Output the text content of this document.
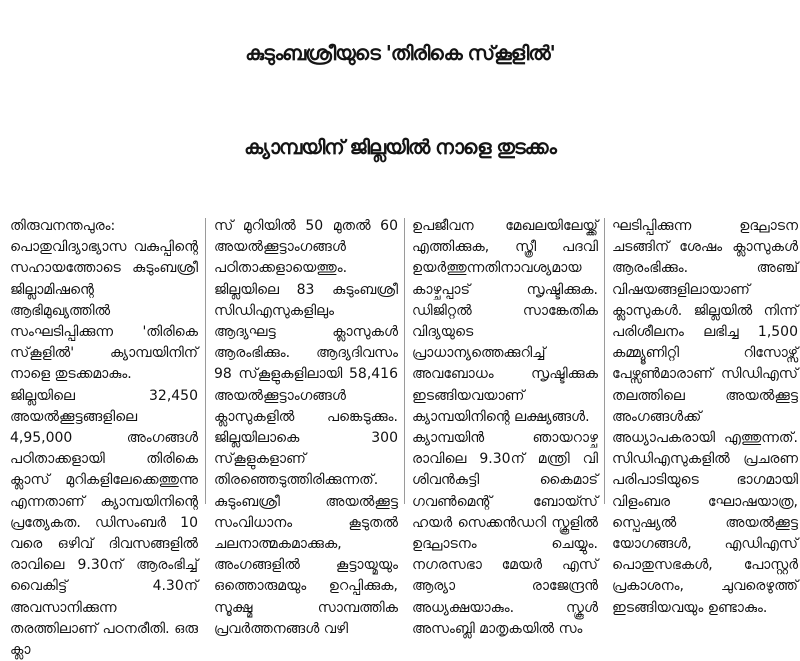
കുടുംബശ്രീയുടെ 'തിരികെ സ്‌കൂളിൽ'
ക്യാമ്പയിന് ജില്ലയിൽ നാളെ തുടക്കം

തിരുവനന്തപുരം: പൊതുവിദ്യാഭ്യാസ വകുപ്പിന്റെ സഹായത്തോടെ കുടുംബശ്രീ ജില്ലാമിഷന്റെ ആഭിമുഖ്യത്തിൽ സംഘടിപ്പിക്കുന്ന 'തിരികെ സ്‌കൂളിൽ' ക്യാമ്പയിനിന് നാളെ തുടക്കമാകും.

ജില്ലയിലെ 32,450 അയൽക്കൂട്ടങ്ങളിലെ 4,95,000 അംഗങ്ങൾ പഠിതാക്കളായി തിരികെ ക്ലാസ് മുറികളിലേക്കെത്തുന്നു എന്നതാണ് ക്യാമ്പയിനിന്റെ പ്രത്യേകത. ഡിസംബർ 10 വരെ ഒഴിവ് ദിവസങ്ങളിൽ രാവിലെ 9.30ന് ആരംഭിച്ച് വൈകിട്ട് 4.30ന് അവസാനിക്കുന്ന തരത്തിലാണ് പഠനരീതി. ഒരു ക്ലാ

സ് മുറിയിൽ 50 മുതൽ 60 അയൽക്കൂട്ടാംഗങ്ങൾ പഠിതാക്കളായെത്തും.

ജില്ലയിലെ 83 കുടുംബശ്രീ സിഡിഎസുകളിലും ആദ്യഘട്ട ക്ലാസുകൾ ആരംഭിക്കും. ആദ്യദിവസം 98 സ്‌കൂളുകളിലായി 58,416 അയൽക്കൂട്ടാംഗങ്ങൾ ക്ലാസുകളിൽ പങ്കെടുക്കും. ജില്ലയിലാകെ 300 സ്‌കൂളുകളാണ് തിരഞ്ഞെടുത്തിരിക്കുന്നത്. കുടുംബശ്രീ അയൽക്കൂട്ട സംവിധാനം കൂടുതൽ ചലനാത്മകമാക്കുക, അംഗങ്ങളിൽ കൂട്ടായ്മയും ഒത്തൊരുമയും ഉറപ്പിക്കുക, സൂക്ഷ്മ സാമ്പത്തിക പ്രവർത്തനങ്ങൾ വഴി

ഉപജീവന മേഖലയിലേയ്ക്ക് എത്തിക്കുക, സ്ത്രീ പദവി ഉയർത്തുന്നതിനാവശ്യമായ കാഴ്ചപ്പാട് സൃഷ്ടിക്കുക. ഡിജിറ്റൽ സാങ്കേതിക വിദ്യയുടെ പ്രാധാന്യത്തെക്കുറിച്ച് അവബോധം സൃഷ്ടിക്കുക ഇടങ്ങിയവയാണ് ക്യാമ്പയിനിന്റെ ലക്ഷ്യങ്ങൾ.

ക്യാമ്പയിൻ ഞായറാഴ്ച രാവിലെ 9.30ന് മന്ത്രി വി ശിവൻകുട്ടി കൈമാട് ഗവൺമെന്റ് ബോയ്സ് ഹയർ സെക്കൻഡറി സ്കൂളിൽ ഉദ്ഘാടനം ചെയ്യും. നഗരസഭാ മേയർ എസ് ആര്യാ രാജേന്ദ്രൻ അധ്യക്ഷയാകും. സ്കൂൾ അസംബ്ലി മാതൃകയിൽ സം

ഘടിപ്പിക്കുന്ന ഉദ്ഘാടന ചടങ്ങിന് ശേഷം ക്ലാസുകൾ ആരംഭിക്കും. അഞ്ച് വിഷയങ്ങളിലായാണ് ക്ലാസുകൾ. ജില്ലയിൽ നിന്ന് പരിശീലനം ലഭിച്ച 1,500 കമ്മ്യൂണിറ്റി റിസോഴ്സ് പേഴ്സൺമാരാണ് സിഡിഎസ് തലത്തിലെ അയൽക്കൂട്ട അംഗങ്ങൾക്ക് അധ്യാപകരായി എത്തുന്നത്. സിഡിഎസുകളിൽ പ്രചരണ പരിപാടിയുടെ ഭാഗമായി വിളംബര ഘോഷയാത്ര, സ്പെഷ്യൽ അയൽക്കൂട്ട യോഗങ്ങൾ, എഡിഎസ് പൊതുസഭകൾ, പോസ്റ്റർ പ്രകാശനം, ചുവരെഴുത്ത് ഇടങ്ങിയവയും ഉണ്ടാകും.
